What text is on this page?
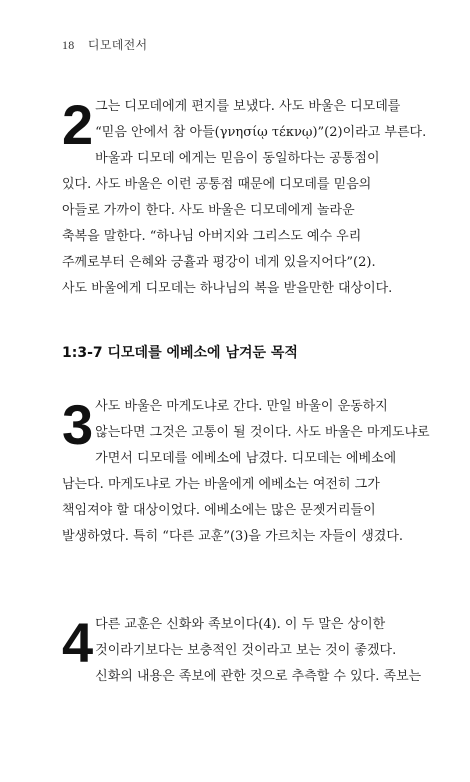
18 디모데전서
2 그는 디모데에게 편지를 보냈다. 사도 바울은 디모데를
“믿음 안에서 참 아들(γνησίῳ τέκνῳ)”(2)이라고 부른다.
바울과 디모데 에게는 믿음이 동일하다는 공통점이
있다. 사도 바울은 이런 공통점 때문에 디모데를 믿음의
아들로 가까이 한다. 사도 바울은 디모데에게 놀라운
축복을 말한다. “하나님 아버지와 그리스도 예수 우리
주께로부터 은혜와 긍휼과 평강이 네게 있을지어다”(2).
사도 바울에게 디모데는 하나님의 복을 받을만한 대상이다.
1:3-7 디모데를 에베소에 남겨둔 목적
3 사도 바울은 마게도냐로 간다. 만일 바울이 운동하지
않는다면 그것은 고통이 될 것이다. 사도 바울은 마게도냐로
가면서 디모데를 에베소에 남겼다. 디모데는 에베소에
남는다. 마게도냐로 가는 바울에게 에베소는 여전히 그가
책임져야 할 대상이었다. 에베소에는 많은 문젯거리들이
발생하였다. 특히 “다른 교훈”(3)을 가르치는 자들이 생겼다.
4 다른 교훈은 신화와 족보이다(4). 이 두 말은 상이한
것이라기보다는 보충적인 것이라고 보는 것이 좋겠다.
신화의 내용은 족보에 관한 것으로 추측할 수 있다. 족보는
